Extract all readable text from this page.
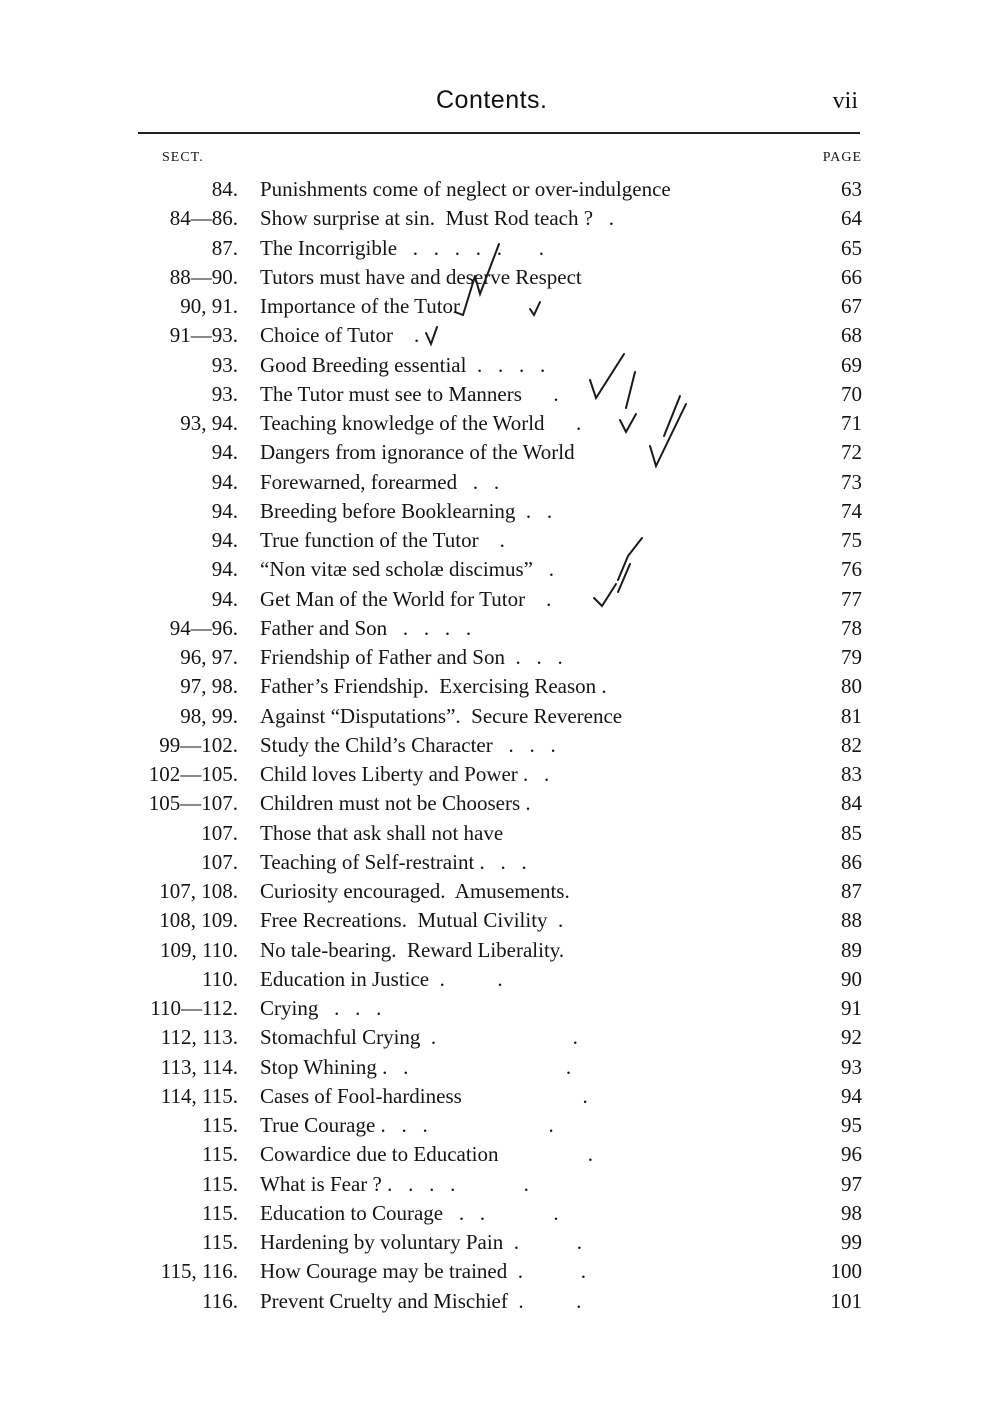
Contents.	vii
SECT.	PAGE
84. Punishments come of neglect or over-indulgence	63
84—86. Show surprise at sin.  Must Rod teach ?   .	64
87. The Incorrigible   .   .   .   .   .       .	65
88—90. Tutors must have and deserve Respect	66
90, 91. Importance of the Tutor	67
91—93. Choice of Tutor    .	68
93. Good Breeding essential  .   .   .   .	69
93. The Tutor must see to Manners      .	70
93, 94. Teaching knowledge of the World      .	71
94. Dangers from ignorance of the World	72
94. Forewarned, forearmed   .   .	73
94. Breeding before Booklearning  .   .	74
94. True function of the Tutor    .	75
94. “Non vitæ sed scholæ discimus”   .	76
94. Get Man of the World for Tutor    .	77
94—96. Father and Son   .   .   .   .	78
96, 97. Friendship of Father and Son  .   .   .	79
97, 98. Father’s Friendship.  Exercising Reason .	80
98, 99. Against “Disputations”.  Secure Reverence	81
99—102. Study the Child’s Character   .   .   .	82
102—105. Child loves Liberty and Power .   .	83
105—107. Children must not be Choosers .	84
107. Those that ask shall not have	85
107. Teaching of Self-restraint .   .   .	86
107, 108. Curiosity encouraged.  Amusements.	87
108, 109. Free Recreations.  Mutual Civility  .	88
109, 110. No tale-bearing.  Reward Liberality.	89
110. Education in Justice  .          .	90
110—112. Crying   .   .   .	91
112, 113. Stomachful Crying  .                          .	92
113, 114. Stop Whining .   .                              .	93
114, 115. Cases of Fool-hardiness                       .	94
115. True Courage .   .   .                       .	95
115. Cowardice due to Education                 .	96
115. What is Fear ? .   .   .   .             .	97
115. Education to Courage   .   .             .	98
115. Hardening by voluntary Pain  .           .	99
115, 116. How Courage may be trained  .           .	100
116. Prevent Cruelty and Mischief  .          .	101
